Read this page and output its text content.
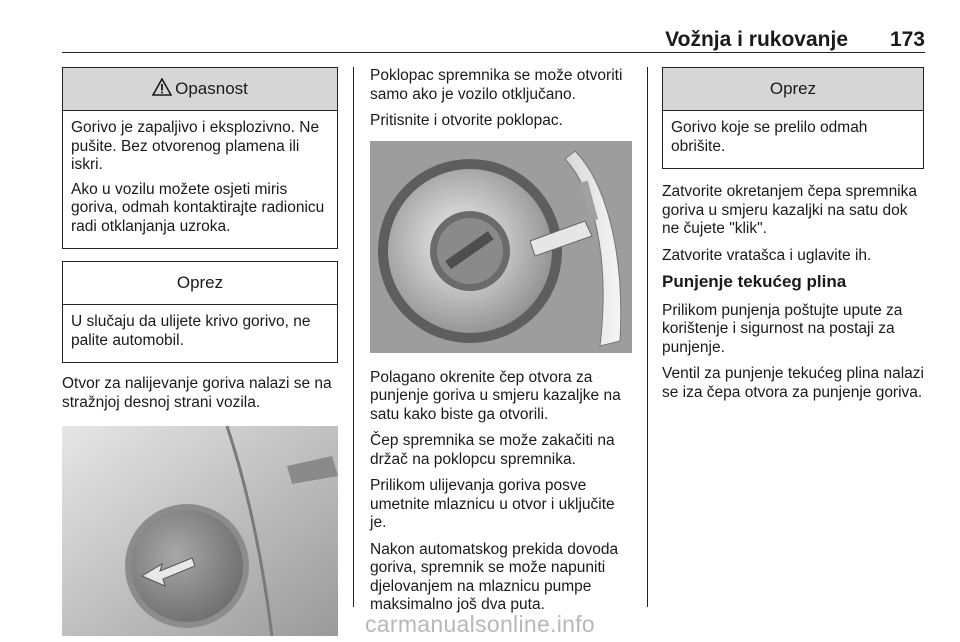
Vožnja i rukovanje 173
Opasnost

Gorivo je zapaljivo i eksplozivno. Ne pušite. Bez otvorenog plamena ili iskri.

Ako u vozilu možete osjeti miris goriva, odmah kontaktirajte radionicu radi otklanjanja uzroka.

Oprez

U slučaju da ulijete krivo gorivo, ne palite automobil.

Otvor za nalijevanje goriva nalazi se na stražnjoj desnoj strani vozila.

Poklopac spremnika se može otvoriti samo ako je vozilo otključano.

Pritisnite i otvorite poklopac.

Polagano okrenite čep otvora za punjenje goriva u smjeru kazaljke na satu kako biste ga otvorili.

Čep spremnika se može zakačiti na držač na poklopcu spremnika.

Prilikom ulijevanja goriva posve umetnite mlaznicu u otvor i uključite je.

Nakon automatskog prekida dovoda goriva, spremnik se može napuniti djelovanjem na mlaznicu pumpe maksimalno još dva puta.

Oprez

Gorivo koje se prelilo odmah obrišite.

Zatvorite okretanjem čepa spremnika goriva u smjeru kazaljki na satu dok ne čujete "klik".

Zatvorite vratašca i uglavite ih.

Punjenje tekućeg plina

Prilikom punjenja poštujte upute za korištenje i sigurnost na postaji za punjenje.

Ventil za punjenje tekućeg plina nalazi se iza čepa otvora za punjenje goriva.

carmanualsonline.info
